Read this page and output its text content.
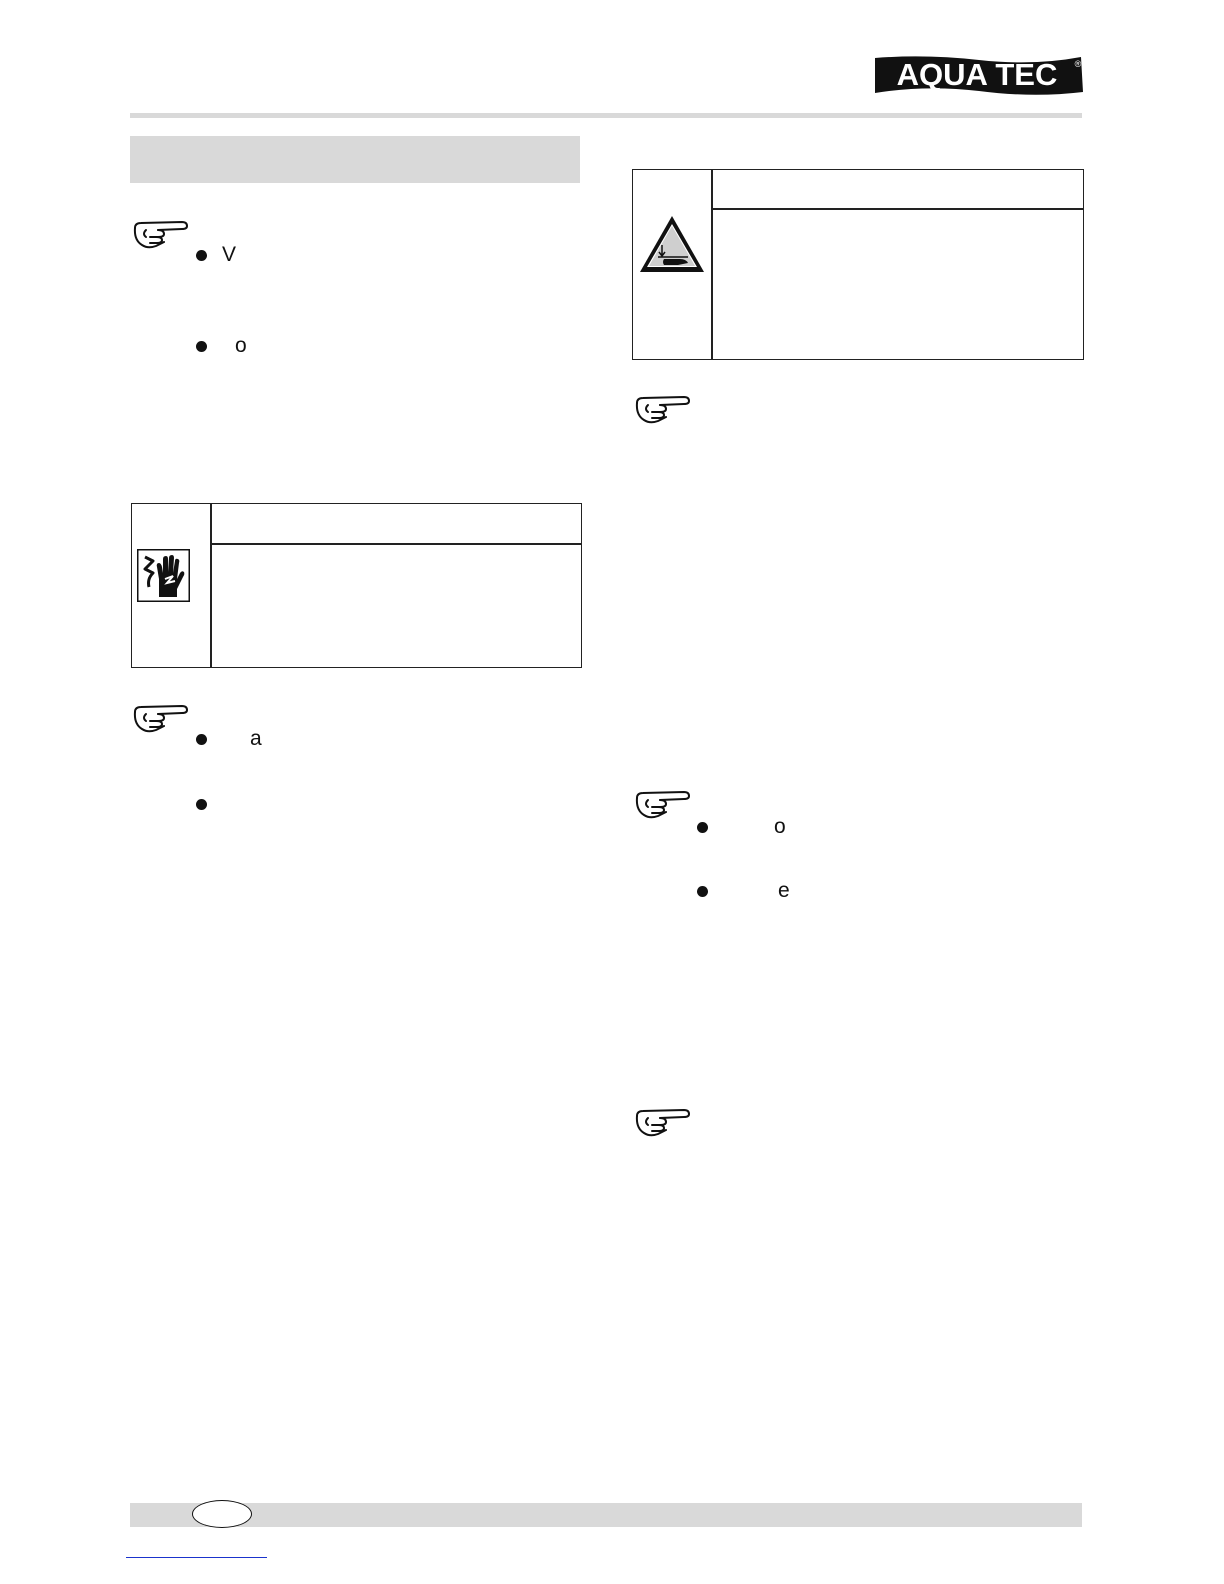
AQUA TEC ®
V
o
a
o
e
